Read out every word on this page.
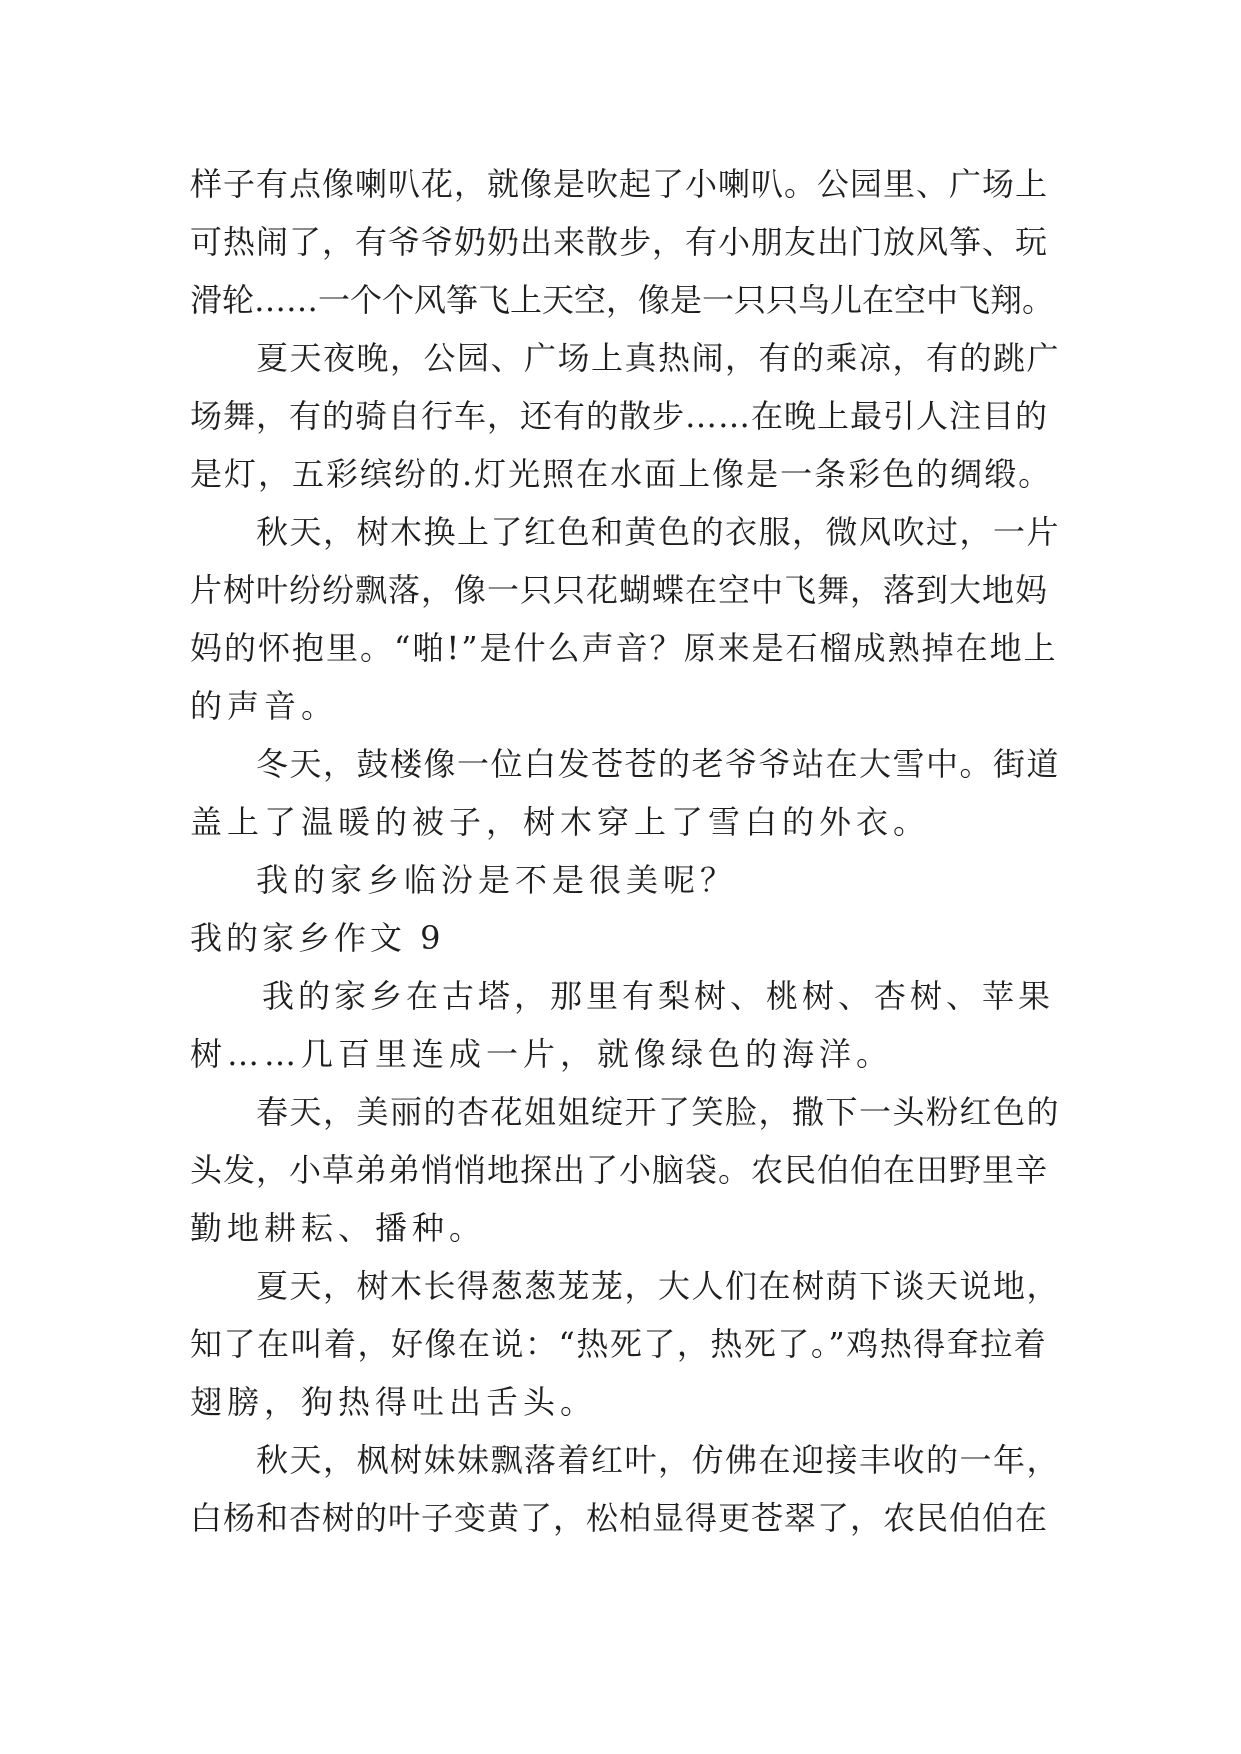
样子有点像喇叭花，就像是吹起了小喇叭。公园里、广场上
可热闹了，有爷爷奶奶出来散步，有小朋友出门放风筝、玩
滑轮……一个个风筝飞上天空，像是一只只鸟儿在空中飞翔。
夏天夜晚，公园、广场上真热闹，有的乘凉，有的跳广
场舞，有的骑自行车，还有的散步……在晚上最引人注目的
是灯，五彩缤纷的.灯光照在水面上像是一条彩色的绸缎。
秋天，树木换上了红色和黄色的衣服，微风吹过，一片
片树叶纷纷飘落，像一只只花蝴蝶在空中飞舞，落到大地妈
妈的怀抱里。“啪!”是什么声音？原来是石榴成熟掉在地上
的声音。
冬天，鼓楼像一位白发苍苍的老爷爷站在大雪中。街道
盖上了温暖的被子，树木穿上了雪白的外衣。
我的家乡临汾是不是很美呢？
我的家乡作文 9
我的家乡在古塔，那里有梨树、桃树、杏树、苹果
树……几百里连成一片，就像绿色的海洋。
春天，美丽的杏花姐姐绽开了笑脸，撒下一头粉红色的
头发，小草弟弟悄悄地探出了小脑袋。农民伯伯在田野里辛
勤地耕耘、播种。
夏天，树木长得葱葱茏茏，大人们在树荫下谈天说地，
知了在叫着，好像在说：“热死了，热死了。”鸡热得耷拉着
翅膀，狗热得吐出舌头。
秋天，枫树妹妹飘落着红叶，仿佛在迎接丰收的一年，
白杨和杏树的叶子变黄了，松柏显得更苍翠了，农民伯伯在
